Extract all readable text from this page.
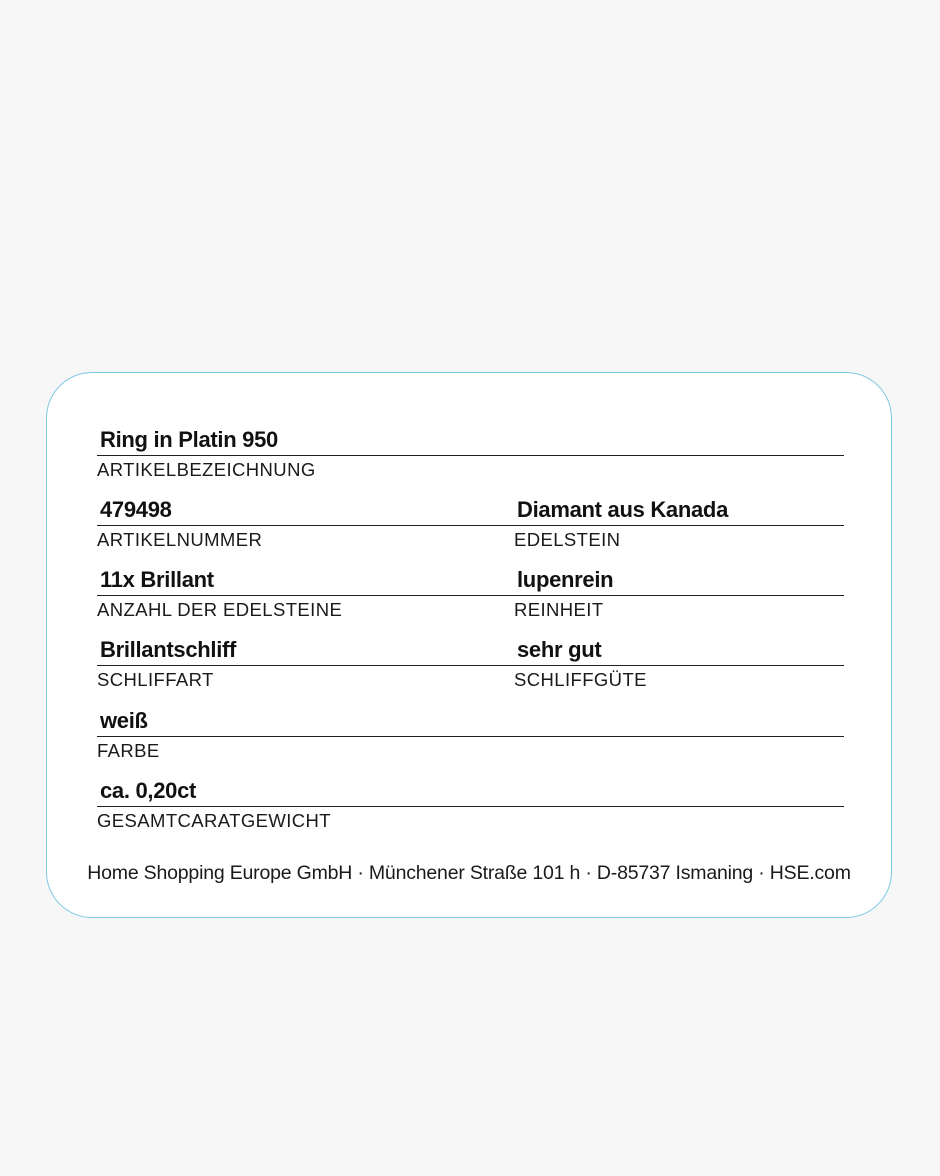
Ring in Platin 950
ARTIKELBEZEICHNUNG
479498
ARTIKELNUMMER
Diamant aus Kanada
EDELSTEIN
11x Brillant
ANZAHL DER EDELSTEINE
lupenrein
REINHEIT
Brillantschliff
SCHLIFFART
sehr gut
SCHLIFFGÜTE
weiß
FARBE
ca. 0,20ct
GESAMTCARATGEWICHT
Home Shopping Europe GmbH · Münchener Straße 101 h · D-85737 Ismaning · HSE.com
